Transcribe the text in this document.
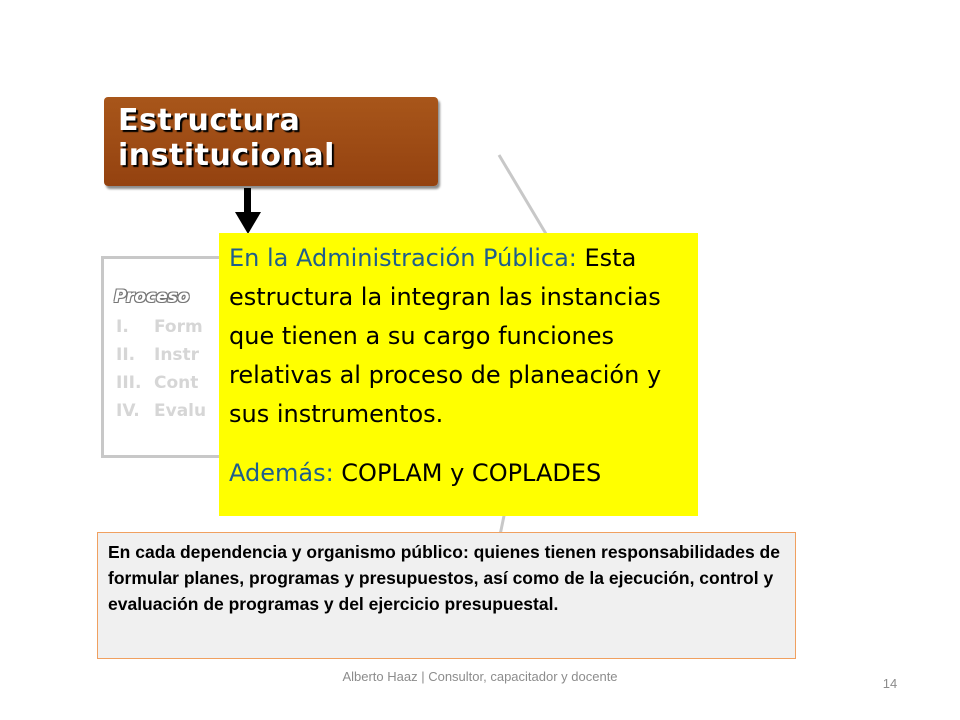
Proceso
I. Form
II. Instr
III. Cont
IV. Evalu
Estructura
institucional
En la Administración Pública: Esta estructura la integran las instancias que tienen a su cargo funciones relativas al proceso de planeación y sus instrumentos.
Además: COPLAM y COPLADES
En cada dependencia y organismo público: quienes tienen responsabilidades de formular planes, programas y presupuestos, así como de la ejecución, control y evaluación de programas y del ejercicio presupuestal.
Alberto Haaz | Consultor, capacitador y docente	14
